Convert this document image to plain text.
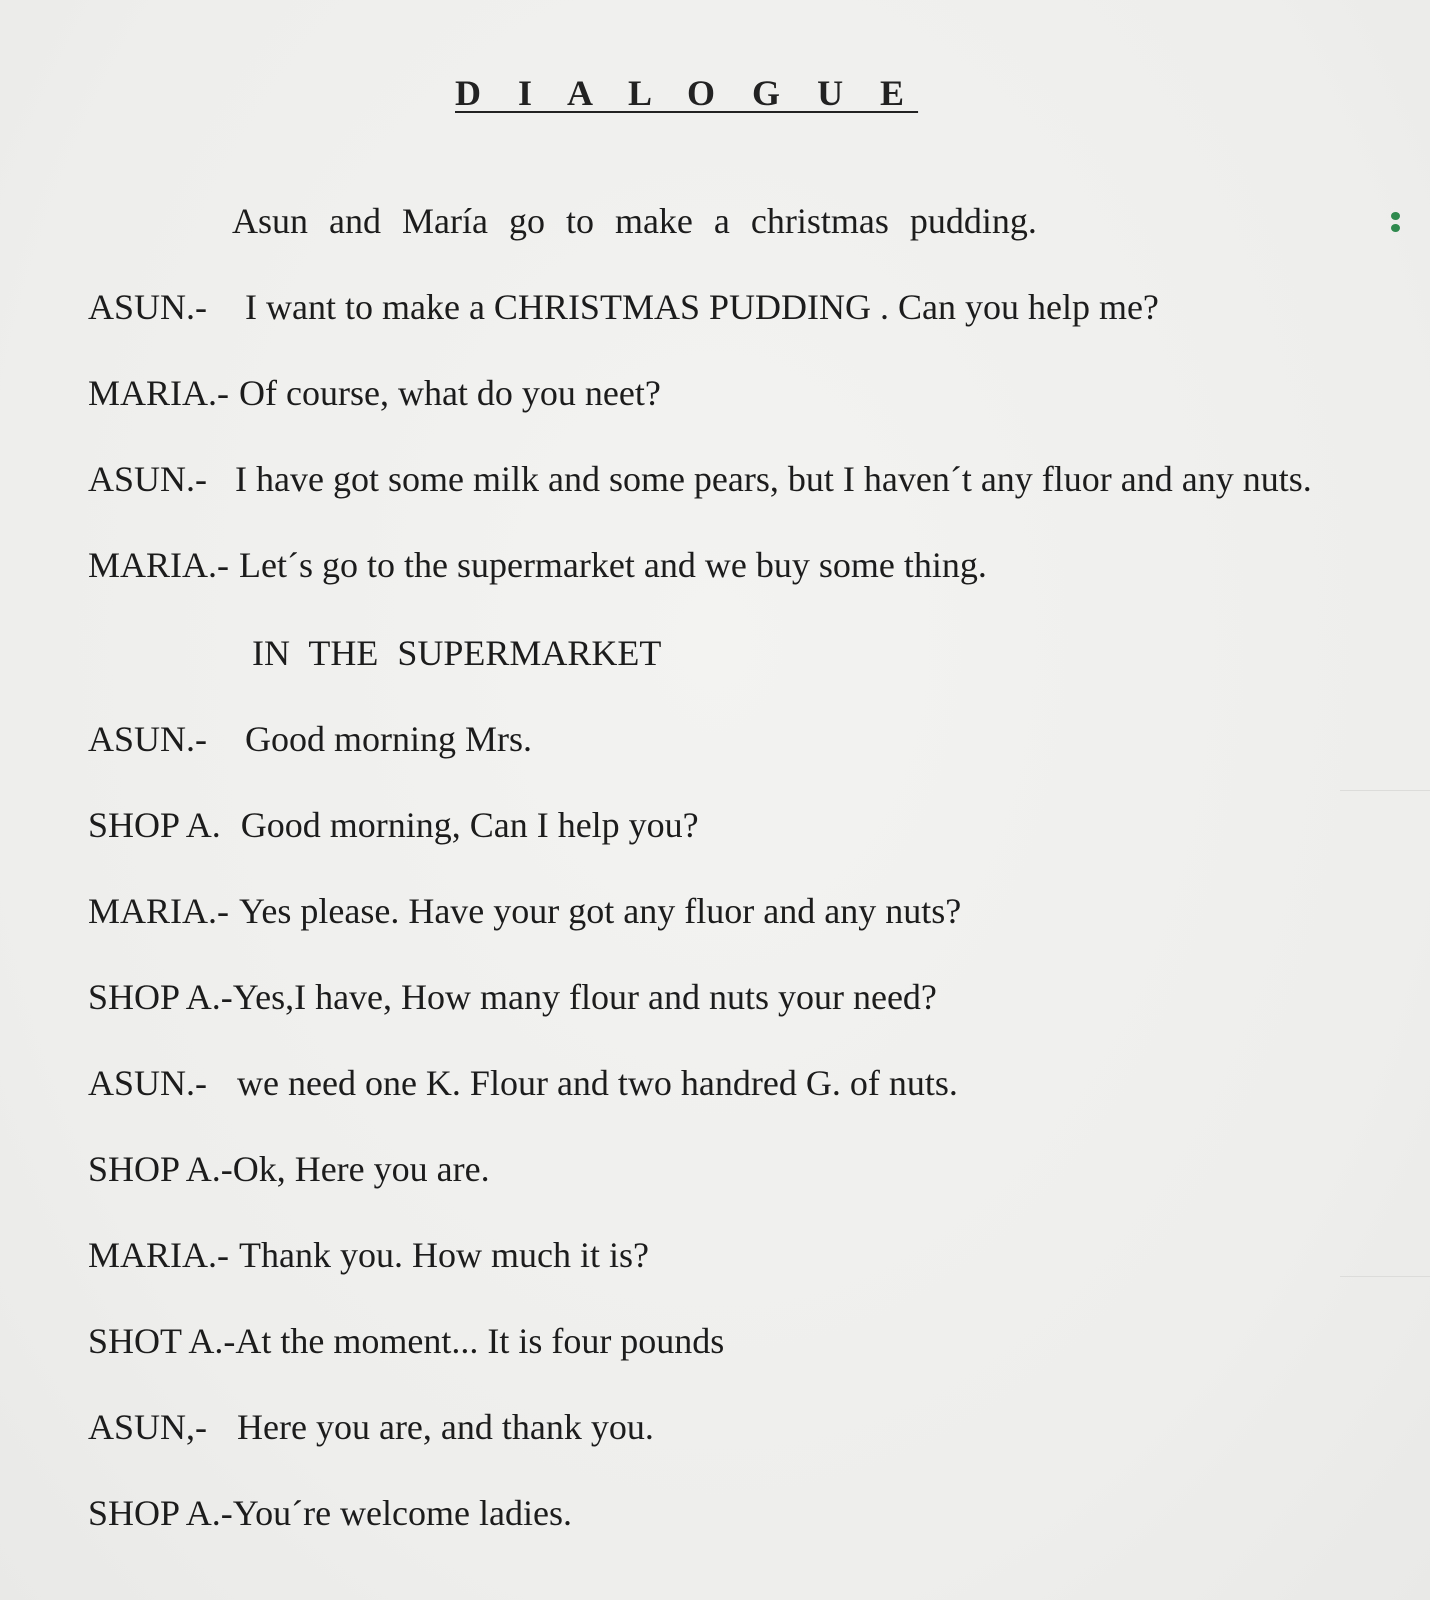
D I A L O G U E
Asun and María go to make a christmas pudding.
ASUN.- I want to make a CHRISTMAS PUDDING . Can you help me?
MARIA.- Of course, what do you neet?
ASUN.- I have got some milk and some pears, but I haven´t any fluor and any nuts.
MARIA.- Let´s go to the supermarket and we buy some thing.
IN THE SUPERMARKET
ASUN.- Good morning Mrs.
SHOP A. Good morning, Can I help you?
MARIA.- Yes please. Have your got any fluor and any nuts?
SHOP A.-Yes,I have, How many flour and nuts your need?
ASUN.- we need one K. Flour and two handred G. of nuts.
SHOP A.-Ok, Here you are.
MARIA.- Thank you. How much it is?
SHOT A.-At the moment... It is four pounds
ASUN,- Here you are, and thank you.
SHOP A.-You´re welcome ladies.
